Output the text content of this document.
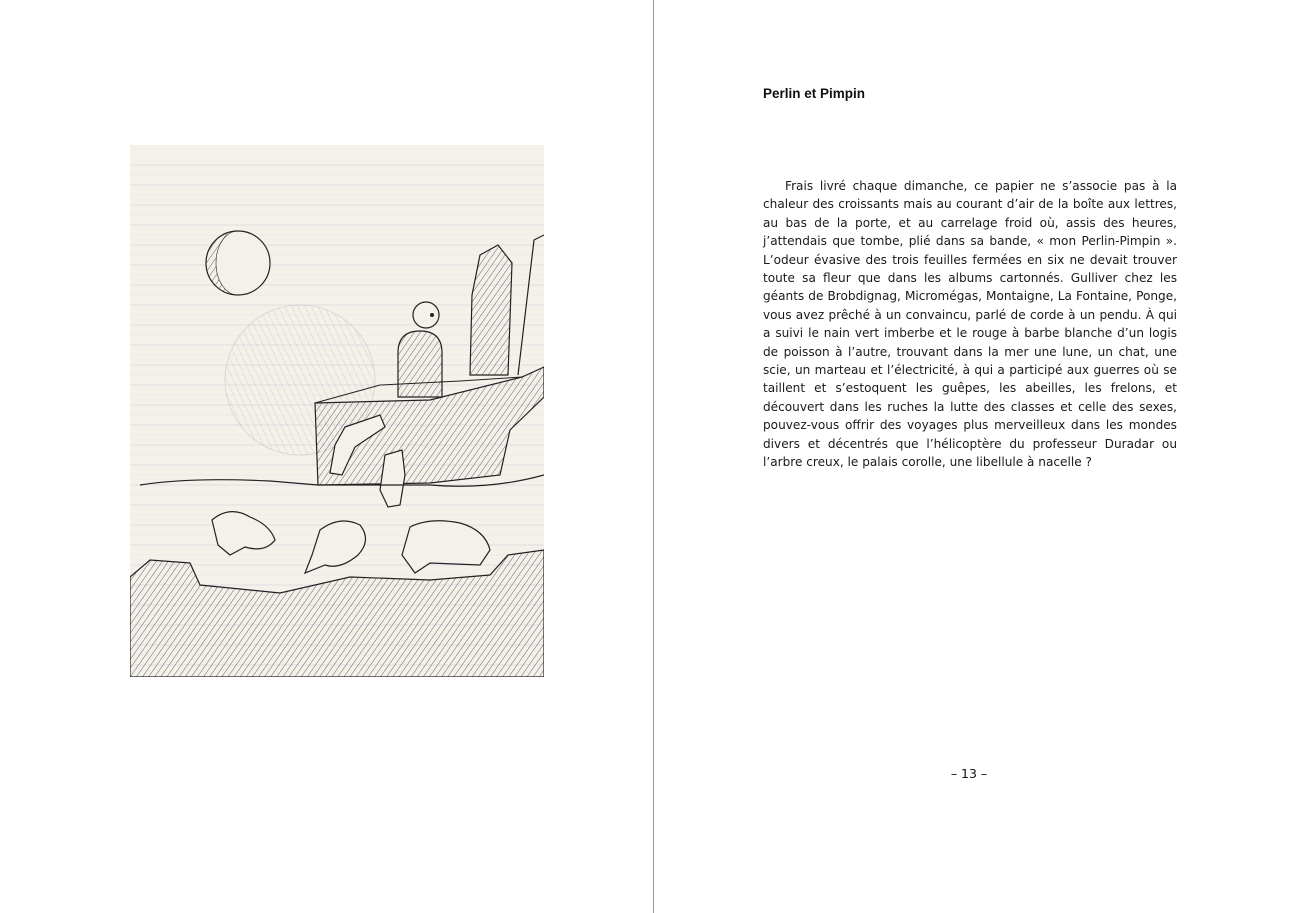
Perlin et Pimpin

Frais livré chaque dimanche, ce papier ne s’associe pas à la chaleur des croissants mais au courant d’air de la boîte aux lettres, au bas de la porte, et au carrelage froid où, assis des heures, j’attendais que tombe, plié dans sa bande, « mon Perlin-Pimpin ». L’odeur évasive des trois feuilles fermées en six ne devait trouver toute sa fleur que dans les albums cartonnés. Gulliver chez les géants de Brobdignag, Micromégas, Montaigne, La Fontaine, Ponge, vous avez prêché à un convaincu, parlé de corde à un pendu. À qui a suivi le nain vert imberbe et le rouge à barbe blanche d’un logis de poisson à l’autre, trouvant dans la mer une lune, un chat, une scie, un marteau et l’électricité, à qui a participé aux guerres où se taillent et s’estoquent les guêpes, les abeilles, les frelons, et découvert dans les ruches la lutte des classes et celle des sexes, pouvez-vous offrir des voyages plus merveilleux dans les mondes divers et décentrés que l’hélicoptère du professeur Duradar ou l’arbre creux, le palais corolle, une libellule à nacelle ?

– 13 –
